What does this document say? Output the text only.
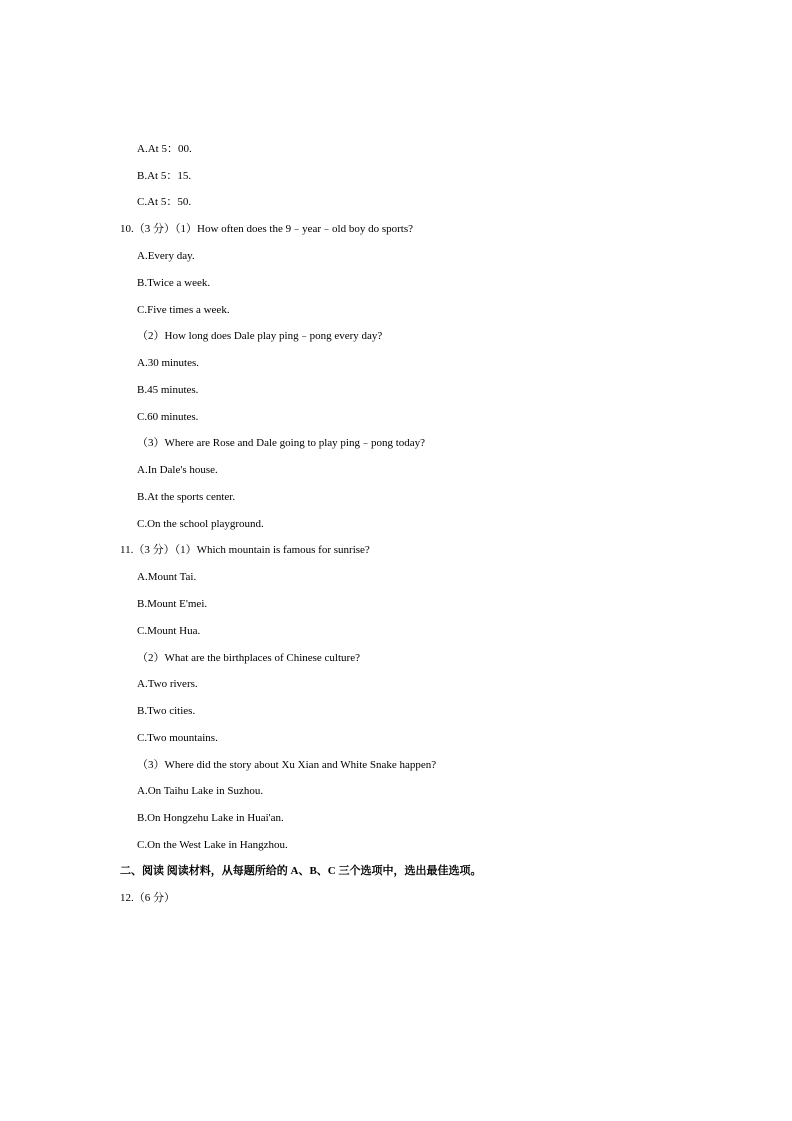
A.At 5：00.
B.At 5：15.
C.At 5：50.
10.（3 分）（1）How often does the 9﹣year﹣old boy do sports?
A.Every day.
B.Twice a week.
C.Five times a week.
（2）How long does Dale play ping﹣pong every day?
A.30 minutes.
B.45 minutes.
C.60 minutes.
（3）Where are Rose and Dale going to play ping﹣pong today?
A.In Dale's house.
B.At the sports center.
C.On the school playground.
11.（3 分）（1）Which mountain is famous for sunrise?
A.Mount Tai.
B.Mount E'mei.
C.Mount Hua.
（2）What are the birthplaces of Chinese culture?
A.Two rivers.
B.Two cities.
C.Two mountains.
（3）Where did the story about Xu Xian and White Snake happen?
A.On Taihu Lake in Suzhou.
B.On Hongzehu Lake in Huai'an.
C.On the West Lake in Hangzhou.
二、阅读 阅读材料，从每题所给的 A、B、C 三个选项中，选出最佳选项。
12.（6 分）
